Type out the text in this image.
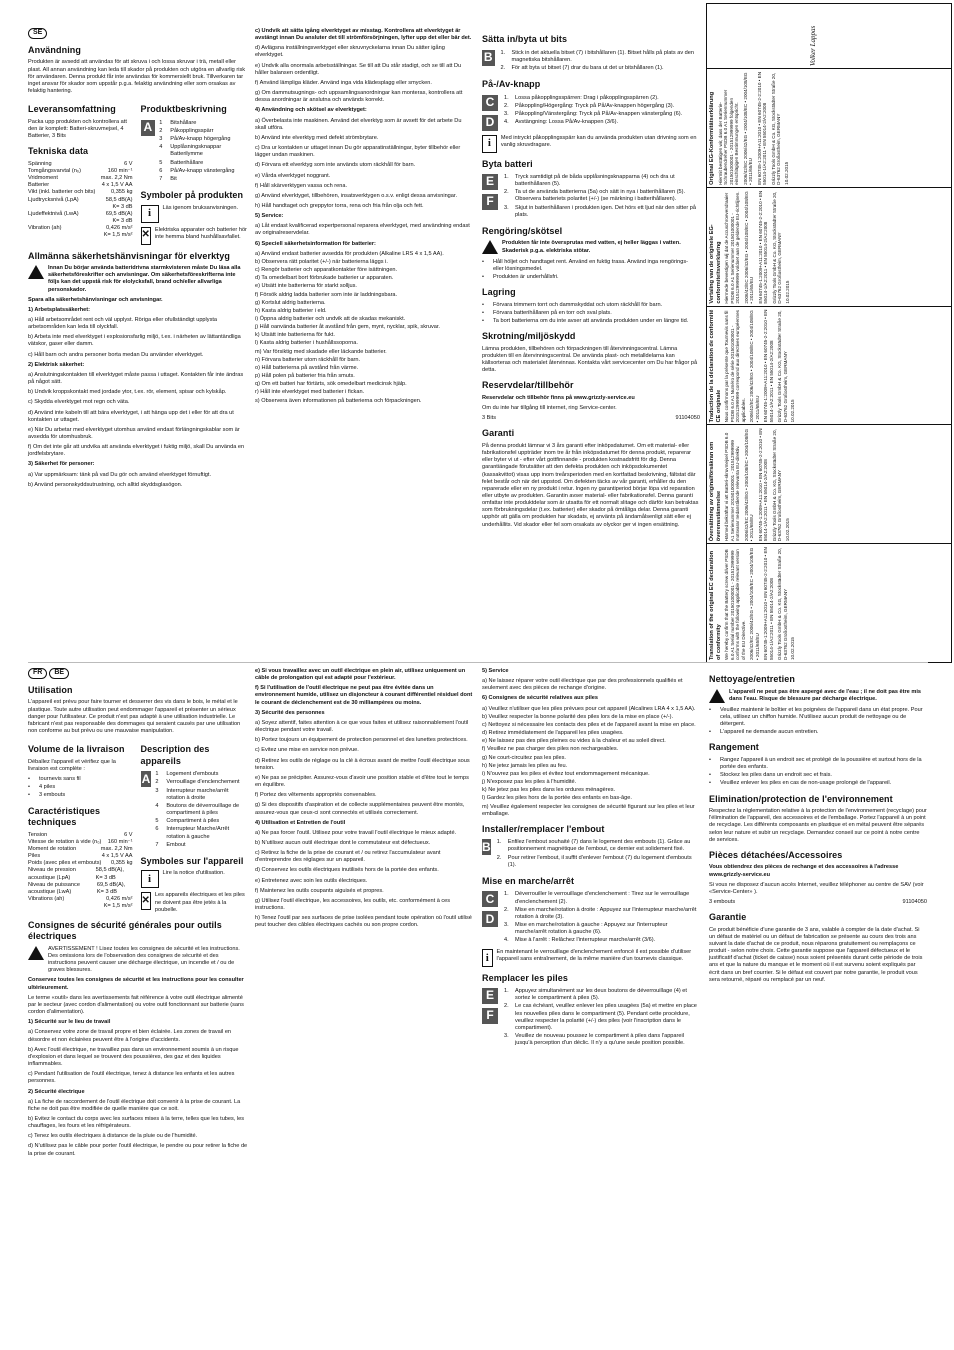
SE
Användning

Produkten är avsedd att användas för att skruva i och lossa skruvar i trä, metall eller plast. All annan användning kan leda till skador på produkten och utgöra en allvarlig risk för användaren. Denna produkt får inte användas för kommersiellt bruk. Tillverkaren tar inget ansvar för skador som uppstår p.g.a. felaktig användning eller som orsakas av felaktig hantering.

Leveransomfattning

Packa upp produkten och kontrollera att den är komplett: Batteri-skruvmejsel, 4 Batterier, 3 Bits

Tekniska data
Spänning	6 V
Tomgångsvarvtal (n₀)	160 min⁻¹
Vridmoment	max. 2,2 Nm
Batterier	4 x 1,5 V AA
Vikt (inkl. batterier och bits)	0,355 kg
Ljudtrycksnivå (LpA)	58,5 dB(A)
K= 3 dB
Ljudeffektnivå (LwA)	69,5 dB(A)
K= 3 dB
Vibration (ah)	0,426 m/s²
K= 1,5 m/s²
Produktbeskrivning
A	1	Bitshållare
2	Påkopplingsspärr
3	På/Av-knapp högergång
4	Upplåsningsknappar Batterilymme
5	Batterihållare
6	På/Av-knapp vänstergång
7	Bit
Symboler på produkten
i	Läs igenom bruksanvisningen.
✕ Elektriska apparater och batterier hör inte hemma bland hushållsavfallet.
Allmänna säkerhetshänvisningar för elverktyg

Innan Du börjar använda batteridrivna starmkvisteren måste Du läsa alla säkerhetsföreskrifter och anvisningar. Om säkerhetsföreskrifterna inte följs kan det uppstå risk för elolycksfall, brand och/eller allvarliga personskador.

Spara alla säkerhetshänvisningar och anvisningar.

1) Arbetsplatssäkerhet:

a) Håll arbetsområdet rent och väl upplyst. Röriga eller ofullständigt upplysta arbetsområden kan leda till olyckfall.

b) Arbeta inte med elverktyget i explosionsfarlig miljö, t.ex. i närheten av lättantändliga vätskor, gaser eller damm.

c) Håll barn och andra personer borta medan Du använder elverktyget.

2) Elektrisk säkerhet:

a) Anslutningskontakten till elverktyget måste passa i uttaget. Kontakten får inte ändras på något sätt.

b) Undvik kroppskontakt med jordade ytor, t.ex. rör, element, spisar och kylskåp.

c) Skydda elverktyget mot regn och väta.

d) Använd inte kabeln till att bära elverktyget, i att hänga upp det i eller för att dra ut kontakten ur uttaget.

e) När Du arbetar med elverktyget utomhus använd endast förlängningskablar som är avsedda för utomhusbruk.

f) Om det inte går att undvika att använda elverktyget i fuktig miljö, skall Du använda en jordfelsbrytare.

3) Säkerhet för personer:

a) Var uppmärksam: tänk på vad Du gör och använd elverktyget förnuftigt.

b) Använd personskyddsutrustning, och alltid skyddsglasögon.

c) Undvik att sätta igång elverktyget av misstag. Kontrollera att elverktyget är avstängt innan Du ansluter det till strömförsörjningen, lyfter upp det eller bär det.

d) Avlägsna inställningsverktyget eller skruvnyckelarna innan Du sätter igång elverktyget.

e) Undvik alla onormala arbetsställningar. Se till att Du står stadigt, och se till att Du håller balansen ordentligt.

f) Använd lämpliga kläder. Använd inga vida klädesplagg eller smycken.

g) Om dammutsugnings- och uppsamlingsanordningar kan monteras, kontrollera att dessa anordningar är anslutna och används korrekt.

4) Användning och skötsel av elverktyget:

a) Överbelasta inte maskinen. Använd det elverktyg som är avsett för det arbete Du skall utföra.

b) Använd inte elverktyg med defekt strömbrytare.

c) Dra ur kontakten ur uttaget innan Du gör apparatinställningar, byter tillbehör eller lägger undan maskinen.

d) Förvara ett elverktyg som inte används utom räckhåll för barn.

e) Vårda elverktyget noggrant.

f) Håll skärverktygen vassa och rena.

g) Använd elverktyget, tillbehören, insatsverktygen o.s.v. enligt dessa anvisningar.

h) Håll handtaget och greppytor torra, rena och fria från olja och fett.

5) Service:

a) Låt endast kvalificerad expertpersonal reparera elverktyget, med användning endast av originalreservdelar.

6) Speciell säkerhetsinformation för batterier:

a) Använd endast batterier avsedda för produkten (Alkaline LRS 4 x 1,5 AA).
b) Observera rätt polaritet (+/-) när batterierna läggs i.
c) Rengör batterier och apparatkontakter före isättningen.
d) Ta omedelbart bort förbrukade batterier ur apparaten.
e) Utsätt inte batterierna för starkt solljus.
f) Försök aldrig ladda batterier som inte är laddningsbara.
g) Kortslut aldrig batterierna.
h) Kasta aldrig batterier i eld.
i) Öppna aldrig batterier och undvik att de skadas mekaniskt.
j) Håll oanvända batterier åt avstånd från gem, mynt, nycklar, spik, skruvar.
k) Utsätt inte batterierna för fukt.
l) Kasta aldrig batterier i hushållssoporna.
m) Var försiktig med skadade eller läckande batterier.
n) Förvara batterier utom räckhåll för barn.
o) Håll batterierna på avstånd från värme.
p) Håll polen på batterier fria från smuts.
q) Om ett batteri har förtärts, sök omedelbart medicinsk hjälp.
r) Håll inte elverktyget med batterier i fickan.
s) Observera även informationen på batterierna och förpackningen.
Sätta in/byta ut bits
B	1.	Stick in det aktuella bitset (7) i bitshållaren (1). Bitset hålls på plats av den magnetiska bitshållaren.
2.	För att byta ut bitset (7) drar du bara ut det ur bitshållaren (1).
På-/Av-knapp
C
D
1.	Lossa påkopplingsspärren: Drag i påkopplingsspärren (2).
2.	Påkoppling/Högergång: Tryck på På/Av-knappen högergång (3).
3.	Påkoppling/Vänstergång: Tryck på På/Av-knappen vänstergång (6).
4.	Avstängning: Lossa På/Av-knappen (3/6).
i	Med intryckt påkopplingsspärr kan du använda produkten utan drivning som en vanlig skruvdragare.
Byta batteri
E
F
1.	Tryck samtidigt på de båda upplåsningsknapparna (4) och dra ut batterihållaren (5).
2.	Ta ut de använda batterierna (5a) och sätt in nya i batterihållaren (5). Observera batteriets polaritet (+/-) (se märkning i batterihållaren).
3.	Skjut in batterihållaren i produkten igen. Det hörs ett ljud när den sitter på plats.
Rengöring/skötsel

Produkten får inte översprutas med vatten, ej heller läggas i vatten. Skaderisk p.g.a. elektriska stötar.

•	Håll höljet och handtaget rent. Använd en fuktig trasa. Använd inga rengörings- eller lösningsmedel.
•	Produkten är underhållsfri.
Lagring
•	Förvara trimmern torrt och dammskyddat och utom räckhåll för barn.
•	Förvara batterihållaren på en torr och sval plats.
•	Ta bort batterierna om du inte avser att använda produkten under en längre tid.
Skrotning/miljöskydd

Lämna produkten, tillbehören och förpackningen till återvinningscentral. Lämna produkten till en återvinningscentral. De använda plast- och metalldelarna kan källsorteras och materialet återvinnas. Kontakta vårt servicecenter om Du har frågor på detta.

Reservdelar/tillbehör

Reservdelar och tillbehör finns på www.grizzly-service.eu

Om du inte har tillgång till internet, ring Service-center.

3 Bits	91104050
Garanti

På denna produkt lämnar vi 3 års garanti efter inköpsdatumet. Om ett material- eller fabrikationsfel uppträder inom tre år från inköpsdatumet för denna produkt, reparerar eller byter vi ut - efter vårt gottfinnande - produkten kostnadsfritt för dig. Denna garantiängade förutsätter att den defekta produkten och inköpsdokumentet (kassakvittot) visas upp inom treårsperioden med en kortfattad beskrivning, fältstat där felet består och när det uppstod. Om defekten täcks av vår garanti, erhåller du den reparerade eller en ny produkt i retur. Ingen ny garantiperiod börjar löpa vid reparation eller utbyte av produkten. Garantin avser material- eller fabrikationsfel. Denna garanti omfattar inte produktdelar som är utsatta för ett normalt slitage och därför kan betraktas som förbrukningsdelar (t.ex. batterier) eller skador på ömtåliga delar. Denna garanti upphör att gälla om produkten har skadats, ej använts på ändamålsenligt sätt eller ej underhållits. Vid skador eller fel som orsakats av olyckor ger vi ingen ersättning.

Translation of the original EC declaration of conformity We hereby confirm that the Battery screw driver PSDB 6.0 A1 Serial number 201501000001 - 201512999999 conforms with the following applicable relevant version of the EU Directive. 2006/42/EC 2006/42/EG • 2004/108/EC • 2004/108/EG • 2011/65/EU EN 60745-1:2009+A11:2010 • EN 60745-2-2:2010 • EN 55014-1/A2:2011 • EN 55014-2/A2:2008 Grizzly Tools GmbH & Co. KG, Stockstädter Straße 20, D-63762 Großostheim, GERMANY 10.02.2015
Översättning av originalförsäkran om överensstämmelse Härmed bekräftar vi att Batteri-skruvmejsel PSDB 6.0 A1 Serienummer 201501000001 - 201512999999 motsvarar nedanstående relevanta EU-direktiv. 2006/42/EC 2006/42/EG • 2004/108/EC • 2004/108/EG • 2011/65/EU EN 60745-1:2009+A11:2010 • EN 60745-2-2:2010 • EN 55014-1/A2:2011 • EN 55014-2/A2:2008 Grizzly Tools GmbH & Co. KG, Stockstädter Straße 20, D-63762 Großostheim, GERMANY 10.02.2015
Traduction de la déclaration de conformité CE originale Nous confirmons par la présente que Tournevis sans fil PSDB 6.0 A1 Numéro de série 201501000001 - 201512999999 correspond aux directives européennes applicables. 2006/42/EC 2006/42/EG • 2004/108/EC • 2004/108/EG • 2011/65/EU EN 60745-1:2009+A11:2010 • EN 60745-2-2:2010 • EN 55014-1/A2:2011 • EN 55014-2/A2:2008 Grizzly Tools GmbH & Co. KG, Stockstädter Straße 20, D-63762 Großostheim, GERMANY 10.02.2015
Vertaling van de originele EG-conformiteitsverklaring Hiermede bevestigen wij dat de Accuschroevendraaier PSDB 6.0 A1 Serienummer 201501000001 - 201512999999 voldoet aan de geldende EU-richtlijnen. 2006/42/EC 2006/42/EG • 2004/108/EC • 2004/108/EG • 2011/65/EU EN 60745-1:2009+A11:2010 • EN 60745-2-2:2010 • EN 55014-1/A2:2011 • EN 55014-2/A2:2008 Grizzly Tools GmbH & Co. KG, Stockstädter Straße 20, D-63762 Großostheim, GERMANY 10.02.2015
Original EG-Konformitätserklärung Hiermit bestätigen wir, dass der Batterie-Schraubendreher PSDB 6.0 A1 Seriennummer 201501000001 - 201512999999 folgenden einschlägigen Bestimmungen entspricht. 2006/42/EC 2006/42/EG • 2004/108/EC • 2004/108/EG • 2011/65/EU EN 60745-1:2009+A11:2010 • EN 60745-2-2:2010 • EN 55014-1/A2:2011 • EN 55014-2/A2:2008 Grizzly Tools GmbH & Co. KG, Stockstädter Straße 20, D-63762 Großostheim, GERMANY 10.02.2015
Volker Lappas
FR BE
Utilisation

L'appareil est prévu pour faire tourner et desserrer des vis dans le bois, le métal et le plastique. Toute autre utilisation peut endommager l'appareil et présenter un sérieux danger pour l'utilisateur. Ce produit n'est pas adapté à une utilisation industrielle. Le fabricant n'est pas responsable des dommages qui seraient causés par une utilisation non conforme au but prévu ou une mauvaise manipulation.

Volume de la livraison

Déballez l'appareil et vérifiez que la livraison est complète :

•	tournevis sans fil
•	4 piles
•	3 embouts
Caractéristiques techniques
Tension	6 V
Vitesse de rotation à vide (n₀) 160 min⁻¹
Moment de rotation	max. 2,2 Nm
Piles	4 x 1,5 V AA
Poids (avec piles et embouts) 0,355 kg
Niveau de pression acoustique (LpA)
58,5 dB(A), K= 3 dB
Niveau de puissance acoustique (LwA)
69,5 dB(A), K= 3 dB
Vibrations (ah)	0,426 m/s²
K= 1,5 m/s²
Description des appareils
A 1	Logement d'embouts
2	Verrouillage d'enclenchement
3	Interrupteur marche/arrêt rotation à droite
4	Boutons de déverrouillage de compartiment à piles
5	Compartiment à piles
6	Interrupteur Marche/Arrêt rotation à gauche
7	Embout
Symboles sur l'appareil
i	Lire la notice d'utilisation.
✕ Les appareils électriques et les piles ne doivent pas être jetés à la poubelle.
Consignes de sécurité générales pour outils électriques

AVERTISSEMENT ! Lisez toutes les consignes de sécurité et les instructions. Des omissions lors de l'observation des consignes de sécurité et des instructions peuvent causer une décharge électrique, un incendie et / ou de graves blessures.

Conservez toutes les consignes de sécurité et les instructions pour les consulter ultérieurement.

Le terme «outil» dans les avertissements fait référence à votre outil électrique alimenté par le secteur (avec cordon d'alimentation) ou votre outil fonctionnant sur batterie (sans cordon d'alimentation).

1) Sécurité sur le lieu de travail

a) Conservez votre zone de travail propre et bien éclairée. Les zones de travail en désordre et non éclairées peuvent être à l'origine d'accidents.

b) Avec l'outil électrique, ne travaillez pas dans un environnement soumis à un risque d'explosion et dans lequel se trouvent des poussières, des gaz et des liquides inflammables.

c) Pendant l'utilisation de l'outil électrique, tenez à distance les enfants et les autres personnes.

2) Sécurité électrique

a) La fiche de raccordement de l'outil électrique doit convenir à la prise de courant. La fiche ne doit pas être modifiée de quelle manière que ce soit.

b) Evitez le contact du corps avec les surfaces mises à la terre, telles que les tubes, les chauffages, les fours et les réfrigérateurs.

c) Tenez les outils électriques à distance de la pluie ou de l'humidité.

d) N'utilisez pas le câble pour porter l'outil électrique, le pendre ou pour retirer la fiche de la prise de courant.

e) Si vous travaillez avec un outil électrique en plein air, utilisez uniquement un câble de prolongation qui est adapté pour l'extérieur.

f) Si l'utilisation de l'outil électrique ne peut pas être évitée dans un environnement humide, utilisez un disjoncteur à courant différentiel résiduel dont le courant de déclenchement est de 30 milliampères ou moins.

3) Sécurité des personnes

a) Soyez attentif, faites attention à ce que vous faites et utilisez raisonnablement l'outil électrique pendant votre travail.

b) Portez toujours un équipement de protection personnel et des lunettes protectrices.

c) Evitez une mise en service non prévue.

d) Retirez les outils de réglage ou la clé à écrous avant de mettre l'outil électrique sous tension.

e) Ne pas se précipiter. Assurez-vous d'avoir une position stable et d'être tout le temps en équilibre.

f) Portez des vêtements appropriés convenables.

g) Si des dispositifs d'aspiration et de collecte supplémentaires peuvent être montés, assurez-vous que ceux-ci sont connectés et utilisés correctement.

4) Utilisation et Entretien de l'outil

a) Ne pas forcer l'outil. Utilisez pour votre travail l'outil électrique le mieux adapté.

b) N'utilisez aucun outil électrique dont le commutateur est défectueux.

c) Retirez la fiche de la prise de courant et / ou retirez l'accumulateur avant d'entreprendre des réglages sur un appareil.

d) Conservez les outils électriques inutilisés hors de la portée des enfants.

e) Entretenez avec soin les outils électriques.

f) Maintenez les outils coupants aiguisés et propres.

g) Utilisez l'outil électrique, les accessoires, les outils, etc. conformément à ces instructions.

h) Tenez l'outil par ses surfaces de prise isolées pendant toute opération où l'outil utilisé peut toucher des câbles électriques cachés ou son propre cordon.

5) Service

a) Ne laissez réparer votre outil électrique que par des professionnels qualifiés et seulement avec des pièces de rechange d'origine.

6) Consignes de sécurité relatives aux piles

a) Veuillez n'utiliser que les piles prévues pour cet appareil (Alcalines LRA 4 x 1,5 AA).
b) Veuillez respecter la bonne polarité des piles lors de la mise en place (+/-).
c) Nettoyez si nécessaire les contacts des piles et de l'appareil avant la mise en place.
d) Retirez immédiatement de l'appareil les piles usagées.
e) Ne laissez pas des piles pleines ou vides à la chaleur et au soleil direct.
f) Veuillez ne pas charger des piles non rechargeables.
g) Ne court-circuitez pas les piles.
h) Ne jetez jamais les piles au feu.
i) N'ouvrez pas les piles et évitez tout endommagement mécanique.
j) N'exposez pas les piles à l'humidité.
k) Ne jetez pas les piles dans les ordures ménagères.
l) Gardez les piles hors de la portée des enfants en bas-âge.
m) Veuillez également respecter les consignes de sécurité figurant sur les piles et leur emballage.
Installer/remplacer l'embout
B 1.	Enfilez l'embout souhaité (7) dans le logement des embouts (1). Grâce au positionnement magnétique de l'embout, ce dernier est solidement fixé.
2.	Pour retirer l'embout, il suffit d'enlever l'embout (7) du logement d'embouts (1).
Mise en marche/arrêt
C
D
1.	Déverrouiller le verrouillage d'enclenchement : Tirez sur le verrouillage d'enclenchement (2).
2.	Mise en marche/rotation à droite : Appuyez sur l'interrupteur marche/arrêt rotation à droite (3).
3.	Mise en marche/rotation à gauche : Appuyez sur l'interrupteur marche/arrêt rotation à gauche (6).
4.	Mise à l'arrêt : Relâchez l'interrupteur marche/arrêt (3/6).
i	En maintenant le verrouillage d'enclenchement enfoncé il est possible d'utiliser l'appareil sans entraînement, de la même manière d'un tournevis classique.
Remplacer les piles
E
F
1.	Appuyez simultanément sur les deux boutons de déverrouillage (4) et sortez le compartiment à piles (5).
2.	Le cas échéant, veuillez enlever les piles usagées (5a) et mettre en place les nouvelles piles dans le compartiment (5). Pendant cette procédure, veuillez respecter la polarité (+/-) des piles (voir l'inscription dans le compartiment).
3.	Veuillez de nouveau poussez le compartiment à piles dans l'appareil jusqu'à perception d'un déclic. Il n'y a qu'une seule position possible.
Nettoyage/entretien

L'appareil ne peut pas être aspergé avec de l'eau ; il ne doit pas être mis dans l'eau. Risque de blessure par décharge électrique.

•	Veuillez maintenir le boîtier et les poignées de l'appareil dans un état propre. Pour cela, utilisez un chiffon humide. N'utilisez aucun produit de nettoyage ou de détergent.
•	L'appareil ne demande aucun entretien.
Rangement
•	Rangez l'appareil à un endroit sec et protégé de la poussière et surtout hors de la portée des enfants.
•	Stockez les piles dans un endroit sec et frais.
•	Veuillez enlever les piles en cas de non-usage prolongé de l'appareil.
Elimination/protection de l'environnement

Respectez la réglementation relative à la protection de l'environnement (recyclage) pour l'élimination de l'appareil, des accessoires et de l'emballage. Portez l'appareil à un point de recyclage. Les différents composants en plastique et en métal peuvent être séparés selon leur nature et subir un recyclage. Demandez conseil sur ce point à notre centre de services.

Pièces détachées/Accessoires

Vous obtiendrez des pièces de rechange et des accessoires à l'adresse www.grizzly-service.eu

Si vous ne disposez d'aucun accès Internet, veuillez téléphoner au centre de SAV (voir «Service-Center» ).

3 embouts	91104050
Garantie

Ce produit bénéficie d'une garantie de 3 ans, valable à compter de la date d'achat. Si un défaut de matériel ou un défaut de fabrication se présente au cours des trois ans suivant la date d'achat de ce produit, nous réparons gratuitement ou remplaçons ce produit - selon notre choix. Cette garantie suppose que l'appareil défectueux et le justificatif d'achat (ticket de caisse) nous soient présentés durant cette période de trois ans et que la nature du manque et le moment où il est survenu soient expliqués par écrit dans un bref courrier. Si le défaut est couvert par notre garantie, le produit vous sera retourné, réparé ou remplacé par un neuf.
